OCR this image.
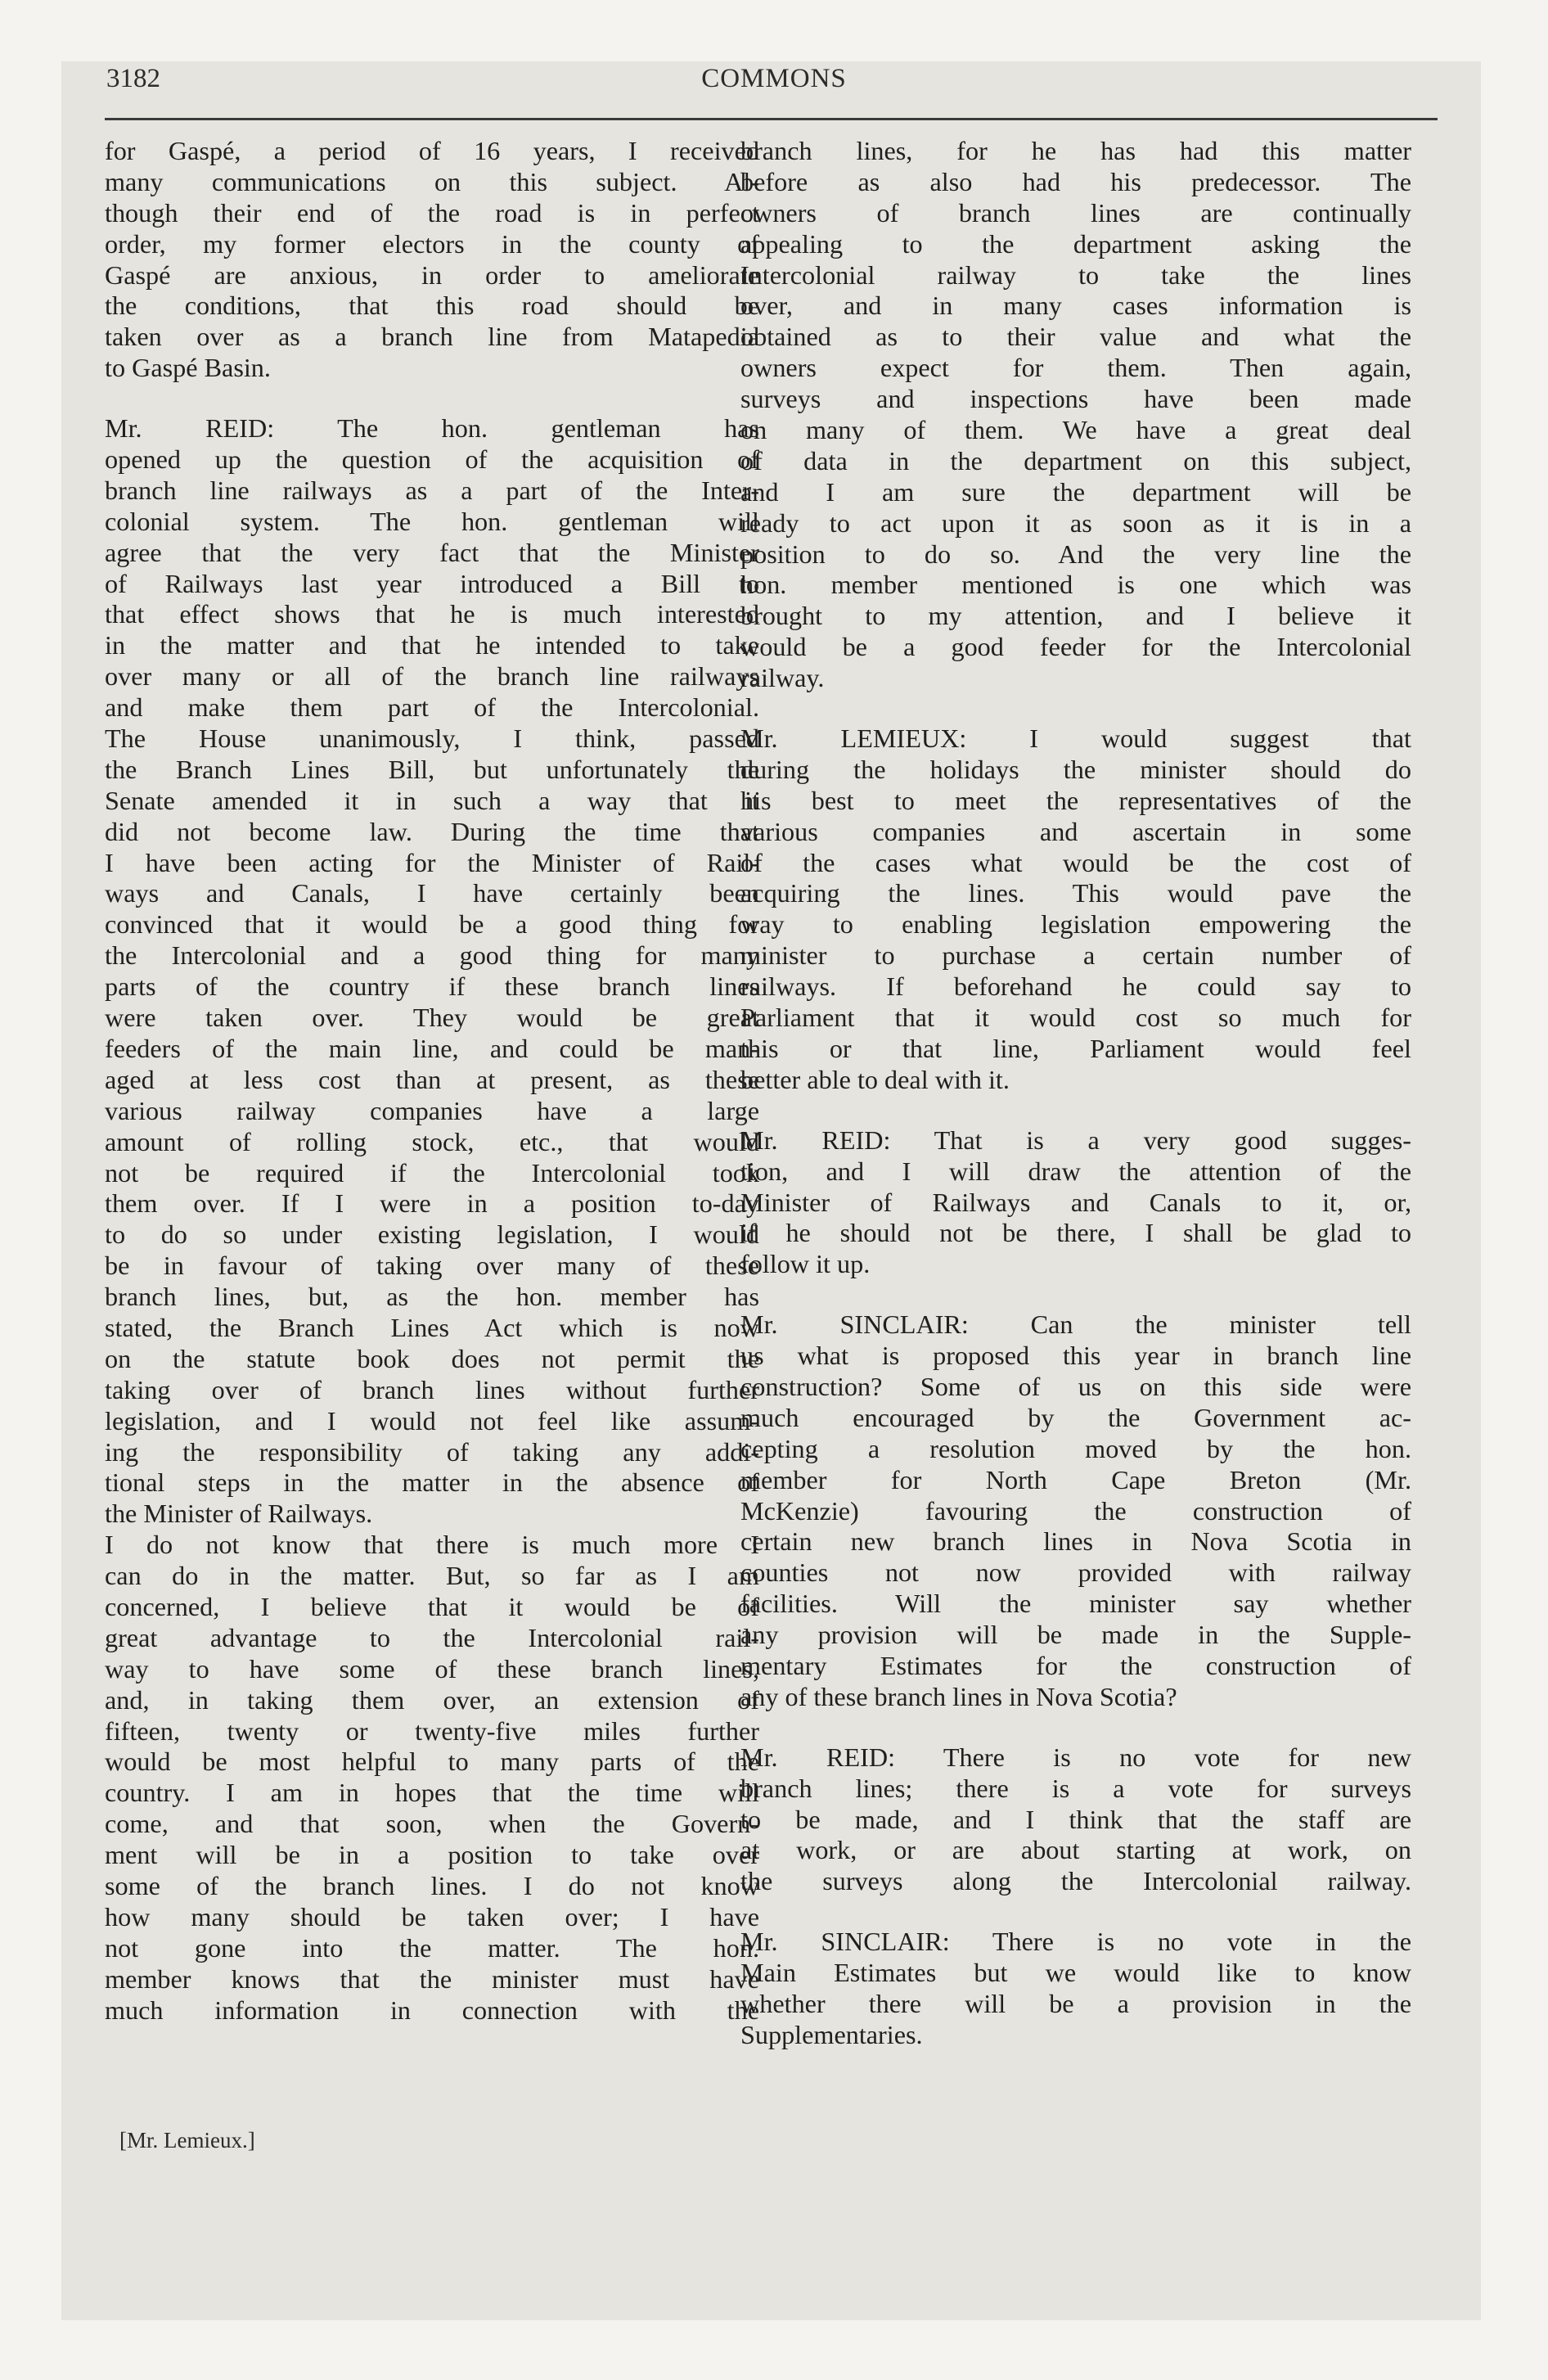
3182	COMMONS
for Gaspé, a period of 16 years, I received
many communications on this subject. Al-
though their end of the road is in perfect
order, my former electors in the county of
Gaspé are anxious, in order to ameliorate
the conditions, that this road should be
taken over as a branch line from Matapedia
to Gaspé Basin.
Mr. REID: The hon. gentleman has
opened up the question of the acquisition of
branch line railways as a part of the Inter-
colonial system. The hon. gentleman will
agree that the very fact that the Minister
of Railways last year introduced a Bill to
that effect shows that he is much interested
in the matter and that he intended to take
over many or all of the branch line railways
and make them part of the Intercolonial.
The House unanimously, I think, passed
the Branch Lines Bill, but unfortunately the
Senate amended it in such a way that it
did not become law. During the time that
I have been acting for the Minister of Rail-
ways and Canals, I have certainly been
convinced that it would be a good thing for
the Intercolonial and a good thing for many
parts of the country if these branch lines
were taken over. They would be great
feeders of the main line, and could be man-
aged at less cost than at present, as these
various railway companies have a large
amount of rolling stock, etc., that would
not be required if the Intercolonial took
them over. If I were in a position to-day
to do so under existing legislation, I would
be in favour of taking over many of these
branch lines, but, as the hon. member has
stated, the Branch Lines Act which is now
on the statute book does not permit the
taking over of branch lines without further
legislation, and I would not feel like assum-
ing the responsibility of taking any addi-
tional steps in the matter in the absence of
the Minister of Railways.
I do not know that there is much more I
can do in the matter. But, so far as I am
concerned, I believe that it would be of
great advantage to the Intercolonial rail-
way to have some of these branch lines,
and, in taking them over, an extension of
fifteen, twenty or twenty-five miles further
would be most helpful to many parts of the
country. I am in hopes that the time will
come, and that soon, when the Govern-
ment will be in a position to take over
some of the branch lines. I do not know
how many should be taken over; I have
not gone into the matter. The hon.
member knows that the minister must have
much information in connection with the
branch lines, for he has had this matter
before as also had his predecessor. The
owners of branch lines are continually
appealing to the department asking the
Intercolonial railway to take the lines
over, and in many cases information is
obtained as to their value and what the
owners expect for them. Then again,
surveys and inspections have been made
on many of them. We have a great deal
of data in the department on this subject,
and I am sure the department will be
ready to act upon it as soon as it is in a
position to do so. And the very line the
hon. member mentioned is one which was
brought to my attention, and I believe it
would be a good feeder for the Intercolonial
railway.
Mr. LEMIEUX: I would suggest that
during the holidays the minister should do
his best to meet the representatives of the
various companies and ascertain in some
of the cases what would be the cost of
acquiring the lines. This would pave the
way to enabling legislation empowering the
minister to purchase a certain number of
railways. If beforehand he could say to
Parliament that it would cost so much for
this or that line, Parliament would feel
better able to deal with it.
Mr. REID: That is a very good sugges-
tion, and I will draw the attention of the
Minister of Railways and Canals to it, or,
if he should not be there, I shall be glad to
follow it up.
Mr. SINCLAIR: Can the minister tell
us what is proposed this year in branch line
construction? Some of us on this side were
much encouraged by the Government ac-
cepting a resolution moved by the hon.
member for North Cape Breton (Mr.
McKenzie) favouring the construction of
certain new branch lines in Nova Scotia in
counties not now provided with railway
facilities. Will the minister say whether
any provision will be made in the Supple-
mentary Estimates for the construction of
any of these branch lines in Nova Scotia?
Mr. REID: There is no vote for new
branch lines; there is a vote for surveys
to be made, and I think that the staff are
at work, or are about starting at work, on
the surveys along the Intercolonial railway.
Mr. SINCLAIR: There is no vote in the
Main Estimates but we would like to know
whether there will be a provision in the
Supplementaries.
[Mr. Lemieux.]
